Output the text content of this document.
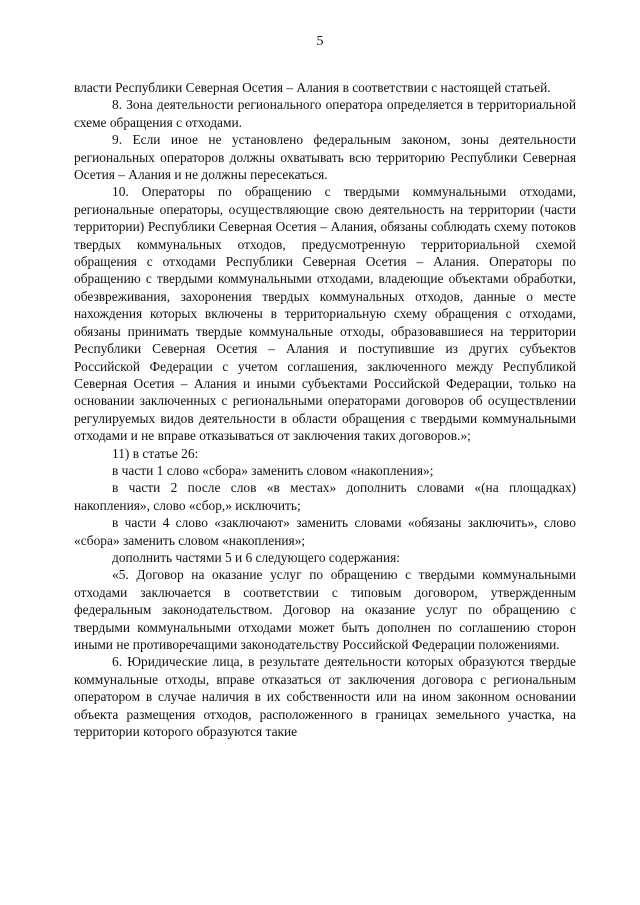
5

власти Республики Северная Осетия – Алания в соответствии с настоящей статьей.

8. Зона деятельности регионального оператора определяется в территориальной схеме обращения с отходами.

9. Если иное не установлено федеральным законом, зоны деятельности региональных операторов должны охватывать всю территорию Республики Северная Осетия – Алания и не должны пересекаться.

10. Операторы по обращению с твердыми коммунальными отходами, региональные операторы, осуществляющие свою деятельность на территории (части территории) Республики Северная Осетия – Алания, обязаны соблюдать схему потоков твердых коммунальных отходов, предусмотренную территориальной схемой обращения с отходами Республики Северная Осетия – Алания. Операторы по обращению с твердыми коммунальными отходами, владеющие объектами обработки, обезвреживания, захоронения твердых коммунальных отходов, данные о месте нахождения которых включены в территориальную схему обращения с отходами, обязаны принимать твердые коммунальные отходы, образовавшиеся на территории Республики Северная Осетия – Алания и поступившие из других субъектов Российской Федерации с учетом соглашения, заключенного между Республикой Северная Осетия – Алания и иными субъектами Российской Федерации, только на основании заключенных с региональными операторами договоров об осуществлении регулируемых видов деятельности в области обращения с твердыми коммунальными отходами и не вправе отказываться от заключения таких договоров.»;

11) в статье 26:

в части 1 слово «сбора» заменить словом «накопления»;

в части 2 после слов «в местах» дополнить словами «(на площадках) накопления», слово «сбор,» исключить;

в части 4 слово «заключают» заменить словами «обязаны заключить», слово «сбора» заменить словом «накопления»;

дополнить частями 5 и 6 следующего содержания:

«5. Договор на оказание услуг по обращению с твердыми коммунальными отходами заключается в соответствии с типовым договором, утвержденным федеральным законодательством. Договор на оказание услуг по обращению с твердыми коммунальными отходами может быть дополнен по соглашению сторон иными не противоречащими законодательству Российской Федерации положениями.

6. Юридические лица, в результате деятельности которых образуются твердые коммунальные отходы, вправе отказаться от заключения договора с региональным оператором в случае наличия в их собственности или на ином законном основании объекта размещения отходов, расположенного в границах земельного участка, на территории которого образуются такие
